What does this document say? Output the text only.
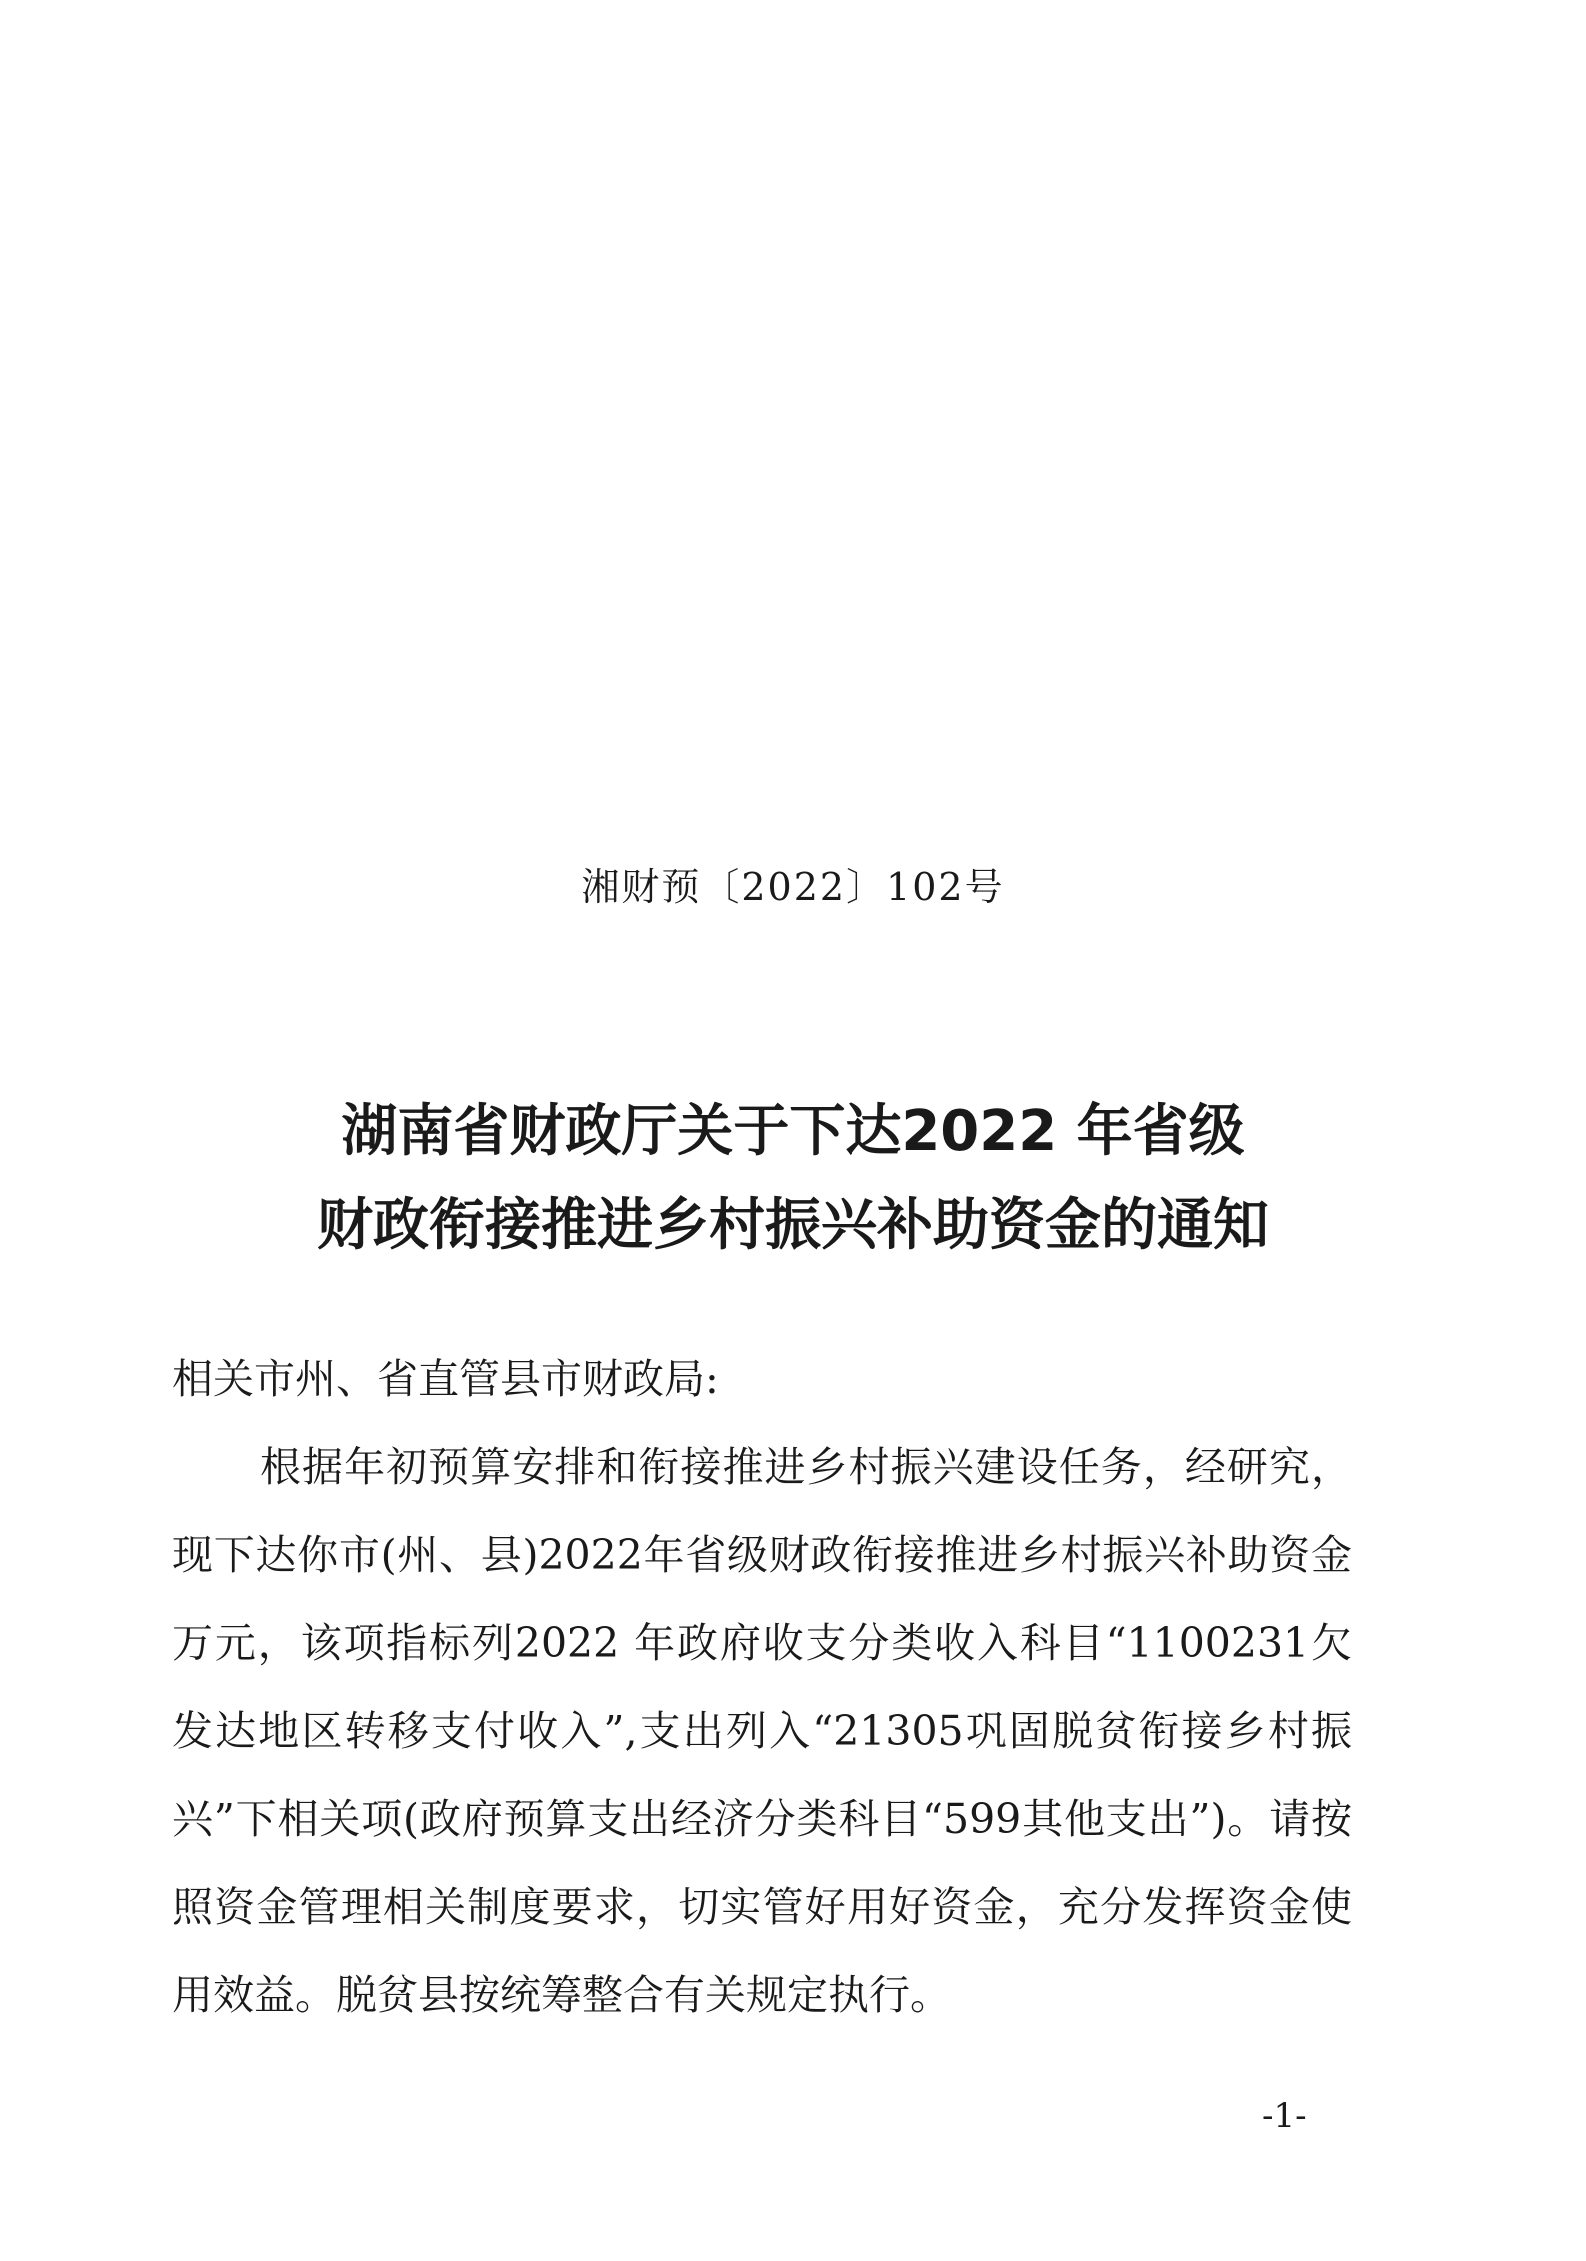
湘财预〔2022〕102号
湖南省财政厅关于下达2022 年省级
财政衔接推进乡村振兴补助资金的通知
相关市州、省直管县市财政局:

根据年初预算安排和衔接推进乡村振兴建设任务，经研究，现下达你市(州、县)2022年省级财政衔接推进乡村振兴补助资金　　万元，该项指标列2022 年政府收支分类收入科目“1100231欠发达地区转移支付收入”,支出列入“21305巩固脱贫衔接乡村振兴”下相关项(政府预算支出经济分类科目“599其他支出”)。请按照资金管理相关制度要求，切实管好用好资金，充分发挥资金使用效益。脱贫县按统筹整合有关规定执行。

-1-
